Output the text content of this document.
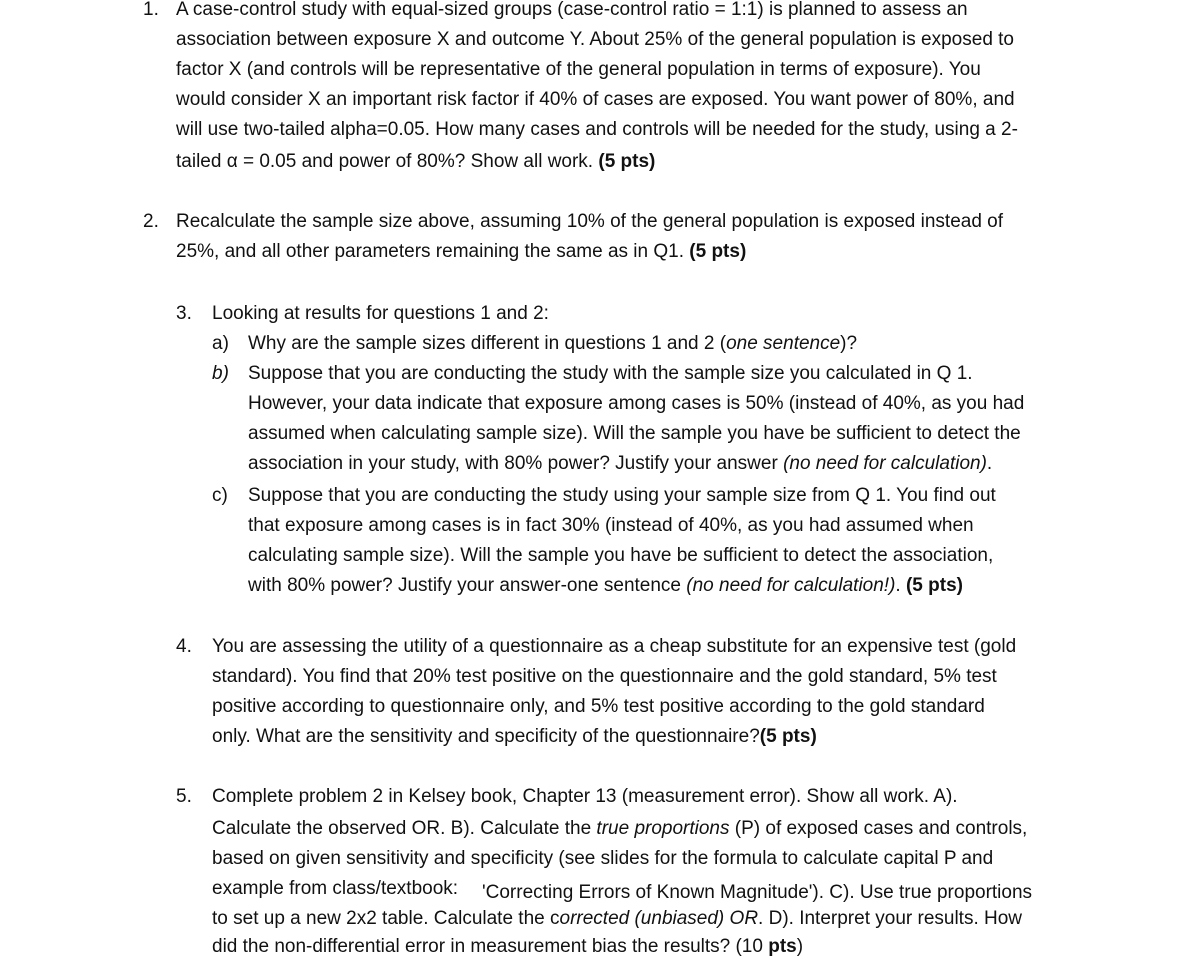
1. A case-control study with equal-sized groups (case-control ratio = 1:1) is planned to assess an
association between exposure X and outcome Y. About 25% of the general population is exposed to
factor X (and controls will be representative of the general population in terms of exposure). You
would consider X an important risk factor if 40% of cases are exposed. You want power of 80%, and
will use two-tailed alpha=0.05. How many cases and controls will be needed for the study, using a 2-
tailed α = 0.05 and power of 80%? Show all work. (5 pts)
2. Recalculate the sample size above, assuming 10% of the general population is exposed instead of
25%, and all other parameters remaining the same as in Q1. (5 pts)
3. Looking at results for questions 1 and 2:
a) Why are the sample sizes different in questions 1 and 2 (one sentence)?
b) Suppose that you are conducting the study with the sample size you calculated in Q 1.
However, your data indicate that exposure among cases is 50% (instead of 40%, as you had
assumed when calculating sample size). Will the sample you have be sufficient to detect the
association in your study, with 80% power? Justify your answer (no need for calculation).
c) Suppose that you are conducting the study using your sample size from Q 1. You find out
that exposure among cases is in fact 30% (instead of 40%, as you had assumed when
calculating sample size). Will the sample you have be sufficient to detect the association,
with 80% power? Justify your answer-one sentence (no need for calculation!). (5 pts)
4. You are assessing the utility of a questionnaire as a cheap substitute for an expensive test (gold
standard). You find that 20% test positive on the questionnaire and the gold standard, 5% test
positive according to questionnaire only, and 5% test positive according to the gold standard
only. What are the sensitivity and specificity of the questionnaire?(5 pts)
5. Complete problem 2 in Kelsey book, Chapter 13 (measurement error). Show all work. A).
Calculate the observed OR. B). Calculate the true proportions (P) of exposed cases and controls,
based on given sensitivity and specificity (see slides for the formula to calculate capital P and
example from class/textbook: 'Correcting Errors of Known Magnitude'). C). Use true proportions
to set up a new 2x2 table. Calculate the corrected (unbiased) OR. D). Interpret your results. How
did the non-differential error in measurement bias the results? (10 pts)
